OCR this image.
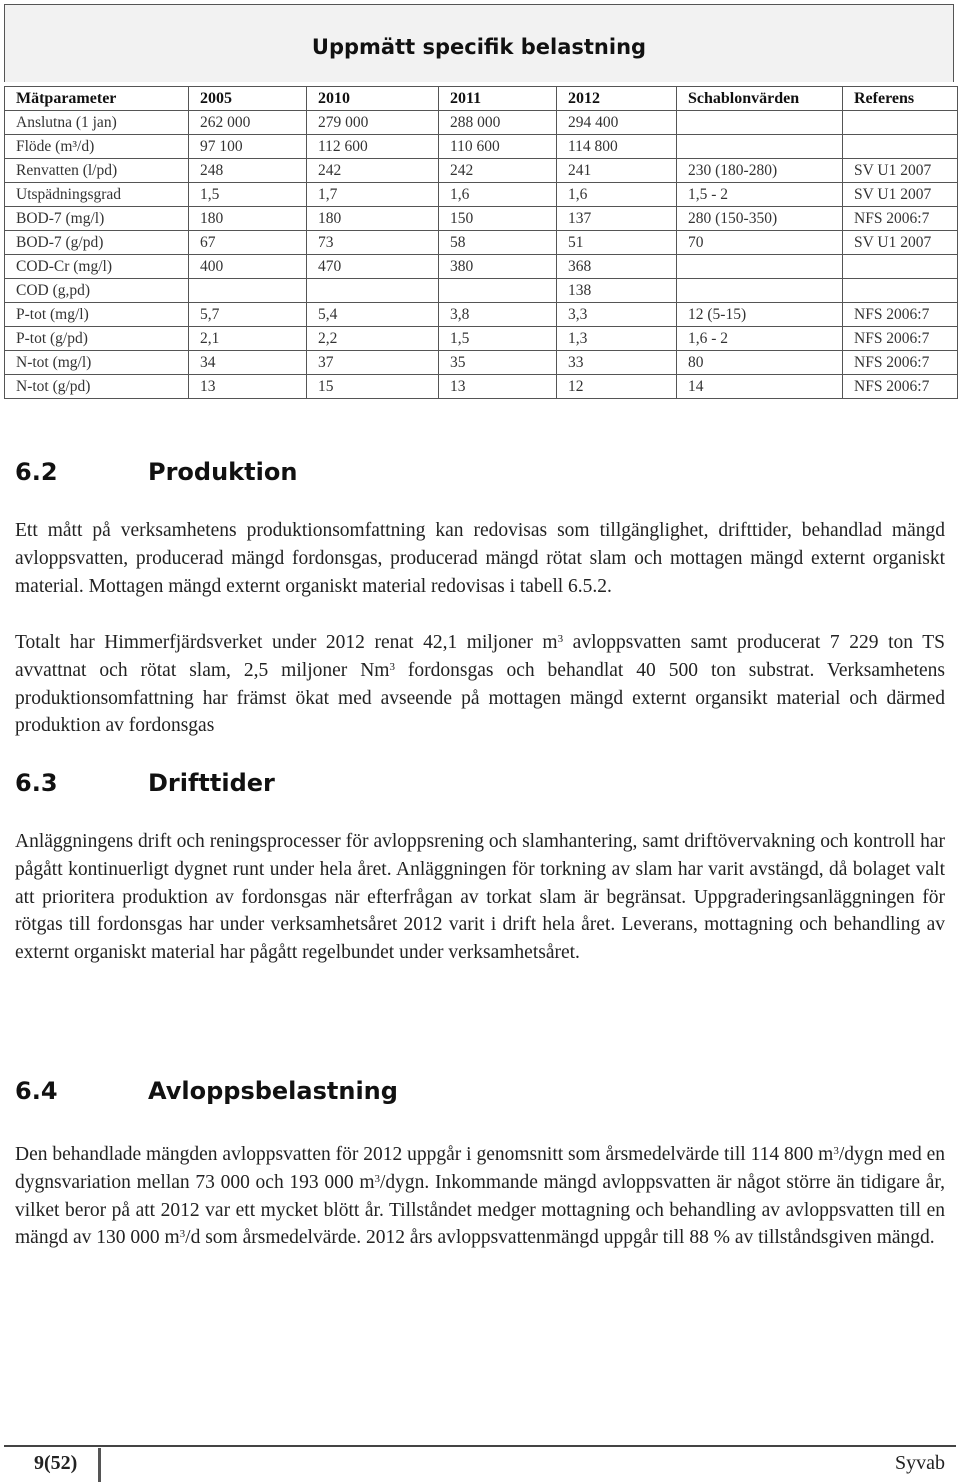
Uppmätt specifik belastning
Mätparameter	2005	2010	2011	2012	Schablonvärden	Referens
Anslutna (1 jan)	262 000	279 000	288 000	294 400		
Flöde (m³/d)	97 100	112 600	110 600	114 800		
Renvatten (l/pd)	248	242	242	241	230 (180-280)	SV U1 2007
Utspädningsgrad	1,5	1,7	1,6	1,6	1,5 - 2	SV U1 2007
BOD-7 (mg/l)	180	180	150	137	280 (150-350)	NFS 2006:7
BOD-7 (g/pd)	67	73	58	51	70	SV U1 2007
COD-Cr (mg/l)	400	470	380	368		
COD (g,pd)				138		
P-tot (mg/l)	5,7	5,4	3,8	3,3	12 (5-15)	NFS 2006:7
P-tot (g/pd)	2,1	2,2	1,5	1,3	1,6 - 2	NFS 2006:7
N-tot (mg/l)	34	37	35	33	80	NFS 2006:7
N-tot (g/pd)	13	15	13	12	14	NFS 2006:7
6.2	Produktion

Ett mått på verksamhetens produktionsomfattning kan redovisas som tillgänglighet, drifttider, behandlad mängd avloppsvatten, producerad mängd fordonsgas, producerad mängd rötat slam och mottagen mängd externt organiskt material. Mottagen mängd externt organiskt material redovisas i tabell 6.5.2.

Totalt har Himmerfjärdsverket under 2012 renat 42,1 miljoner $m^3$ avloppsvatten samt producerat 7 229 ton TS avvattnat och rötat slam, 2,5 miljoner Nm$^3$ fordonsgas och behandlat 40 500 ton substrat. Verksamhetens produktionsomfattning har främst ökat med avseende på mottagen mängd externt organsikt material och därmed produktion av fordonsgas

6.3	Drifttider

Anläggningens drift och reningsprocesser för avloppsrening och slamhantering, samt driftövervakning och kontroll har pågått kontinuerligt dygnet runt under hela året. Anläggningen för torkning av slam har varit avstängd, då bolaget valt att prioritera produktion av fordonsgas när efterfrågan av torkat slam är begränsat. Uppgraderingsanläggningen för rötgas till fordonsgas har under verksamhetsåret 2012 varit i drift hela året. Leverans, mottagning och behandling av externt organiskt material har pågått regelbundet under verksamhetsåret.

6.4	Avloppsbelastning

Den behandlade mängden avloppsvatten för 2012 uppgår i genomsnitt som årsmedelvärde till 114 800 $m^3$/dygn med en dygnsvariation mellan 73 000 och 193 000 $m^3$/dygn. Inkommande mängd avloppsvatten är något större än tidigare år, vilket beror på att 2012 var ett mycket blött år. Tillståndet medger mottagning och behandling av avloppsvatten till en mängd av 130 000 $m^3/d$ som årsmedelvärde. 2012 års avloppsvattenmängd uppgår till 88 % av tillståndsgiven mängd.

9(52)	Syvab
